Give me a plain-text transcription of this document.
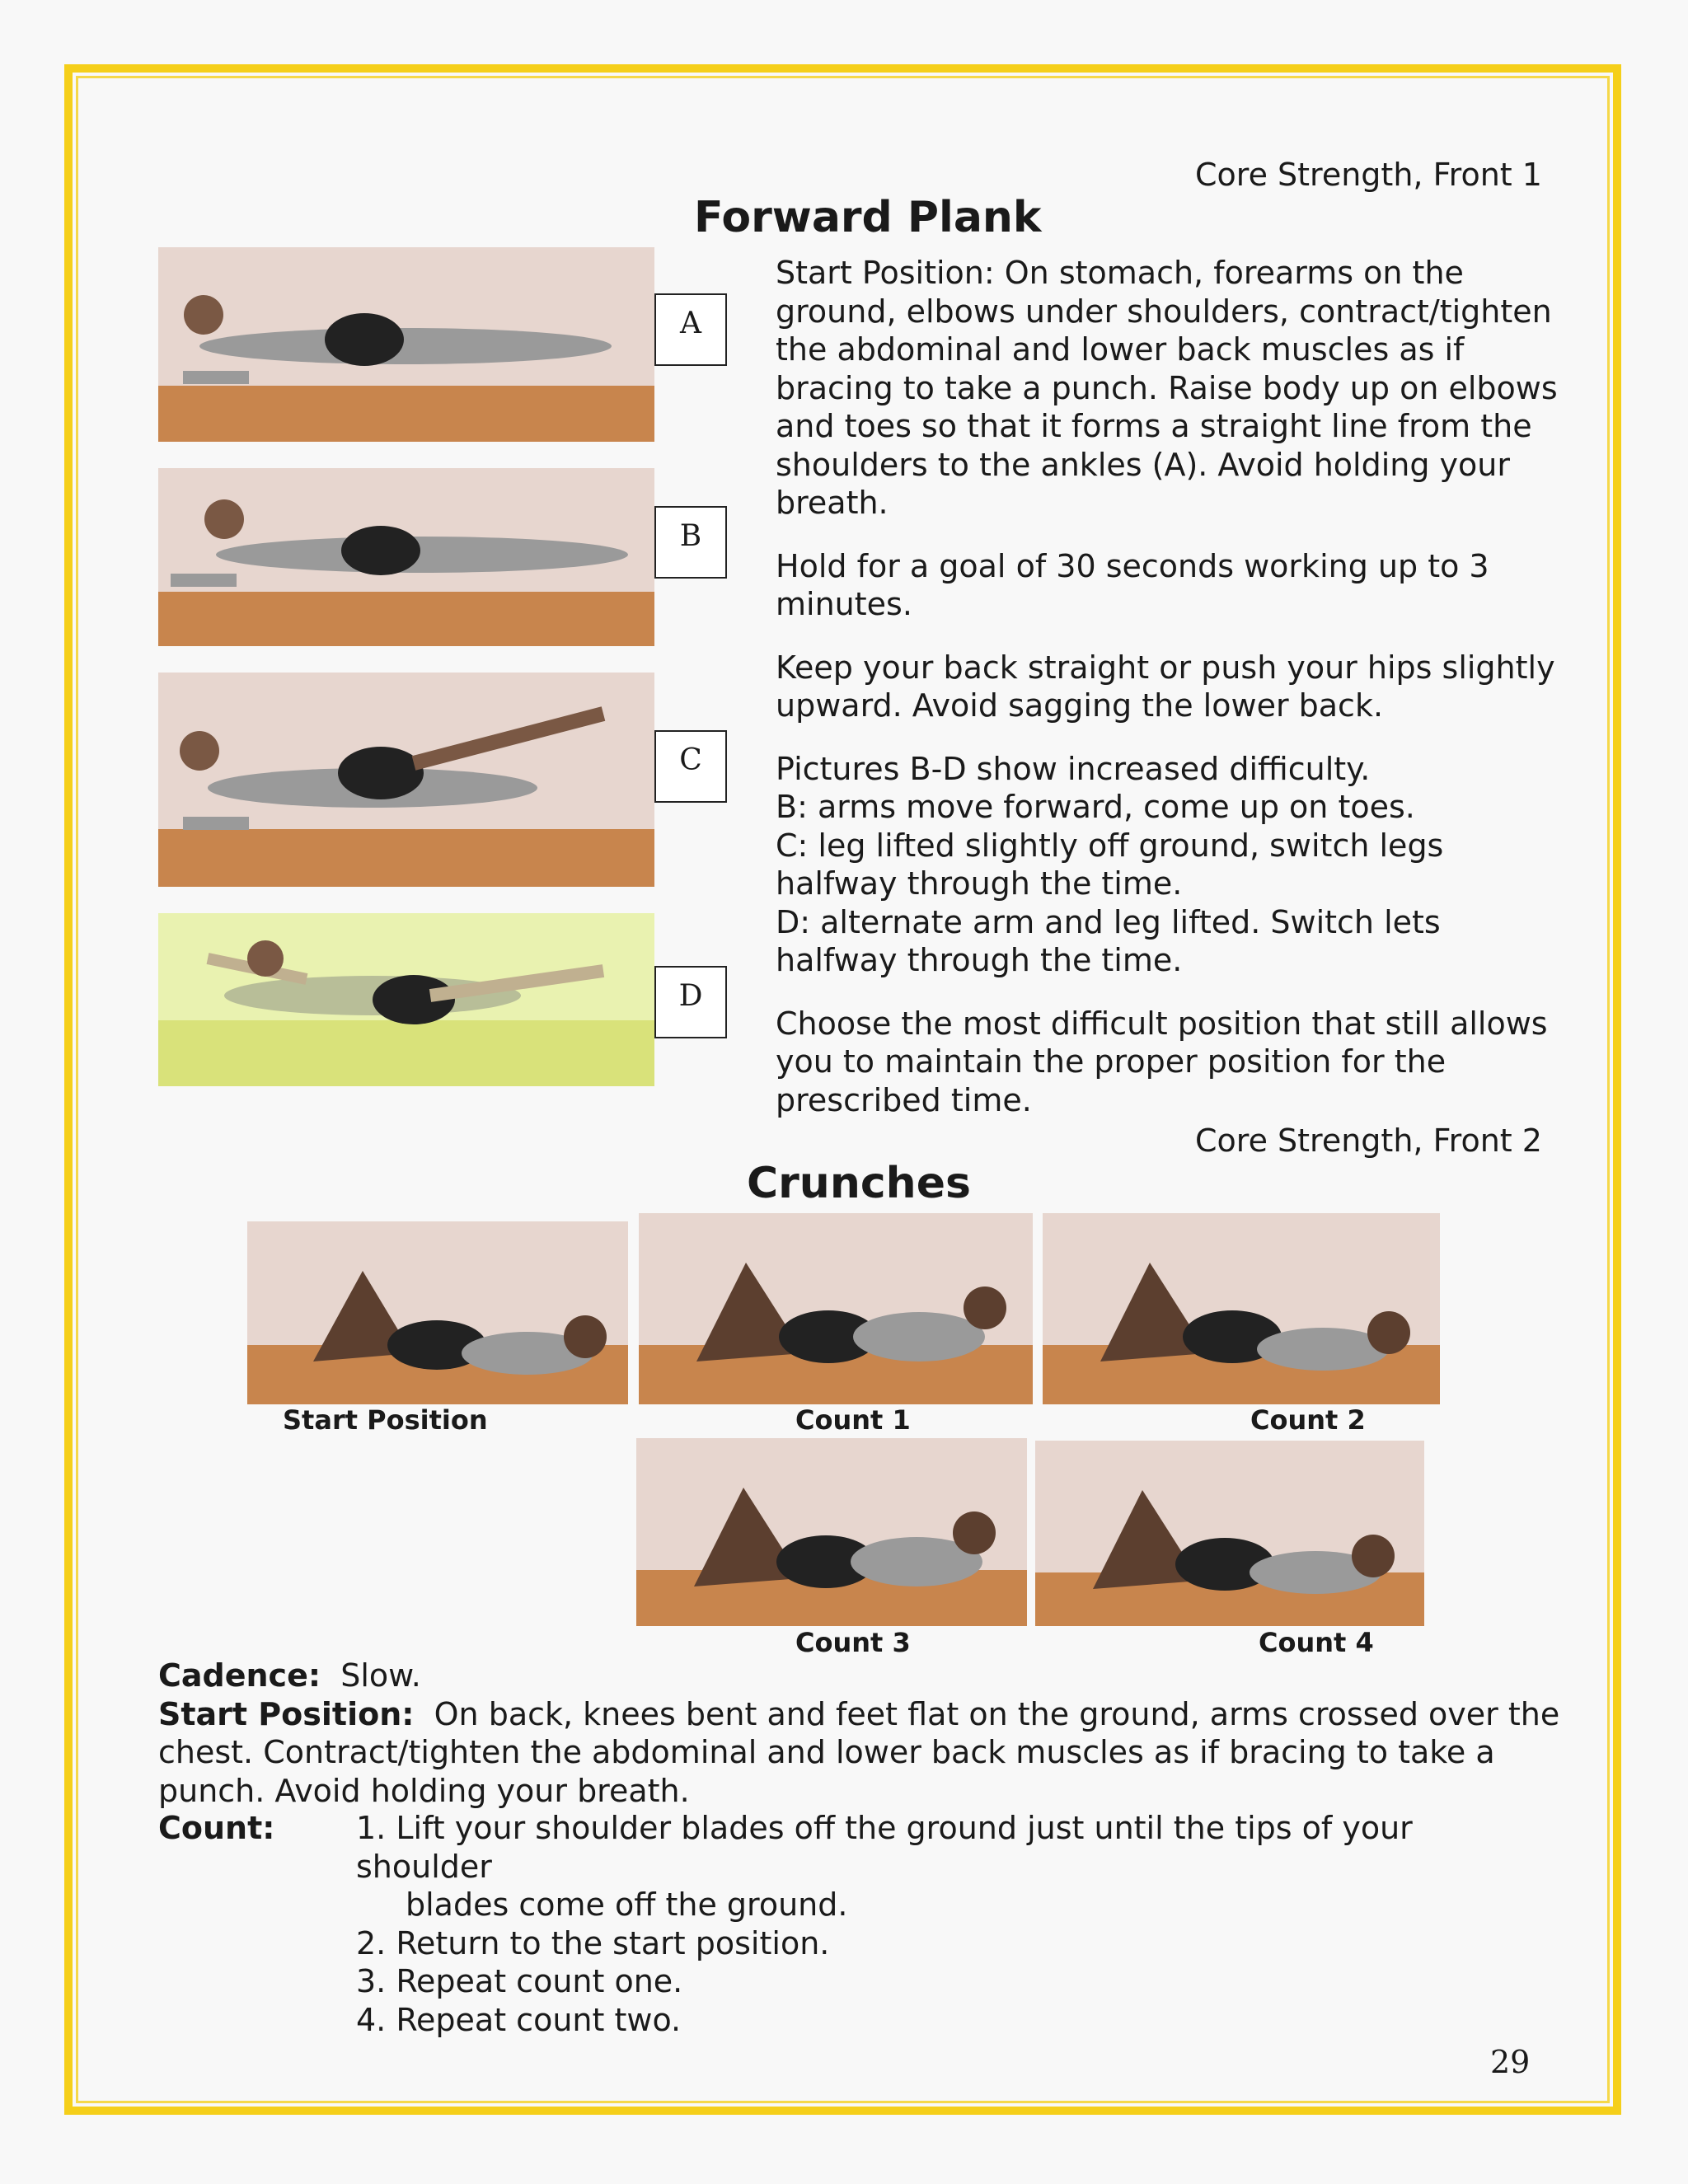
Core Strength, Front 1
Forward Plank
A
B
C
D

Start Position: On stomach, forearms on the ground, elbows under shoulders, contract/tighten the abdominal and lower back muscles as if bracing to take a punch. Raise body up on elbows and toes so that it forms a straight line from the shoulders to the ankles (A). Avoid holding your breath.

Hold for a goal of 30 seconds working up to 3 minutes.

Keep your back straight or push your hips slightly upward. Avoid sagging the lower back.

Pictures B-D show increased difficulty.
B: arms move forward, come up on toes.
C: leg lifted slightly off ground, switch legs halfway through the time.
D: alternate arm and leg lifted. Switch lets halfway through the time.

Choose the most difficult position that still allows you to maintain the proper position for the prescribed time.

Core Strength, Front 2
Crunches
Start Position	Count 1	Count 2
Count 3	Count 4
Cadence: Slow.
Start Position: On back, knees bent and feet flat on the ground, arms crossed over the chest. Contract/tighten the abdominal and lower back muscles as if bracing to take a punch. Avoid holding your breath.
Count:	1. Lift your shoulder blades off the ground just until the tips of your shoulder
blades come off the ground.
2. Return to the start position.
3. Repeat count one.
4. Repeat count two.
29
